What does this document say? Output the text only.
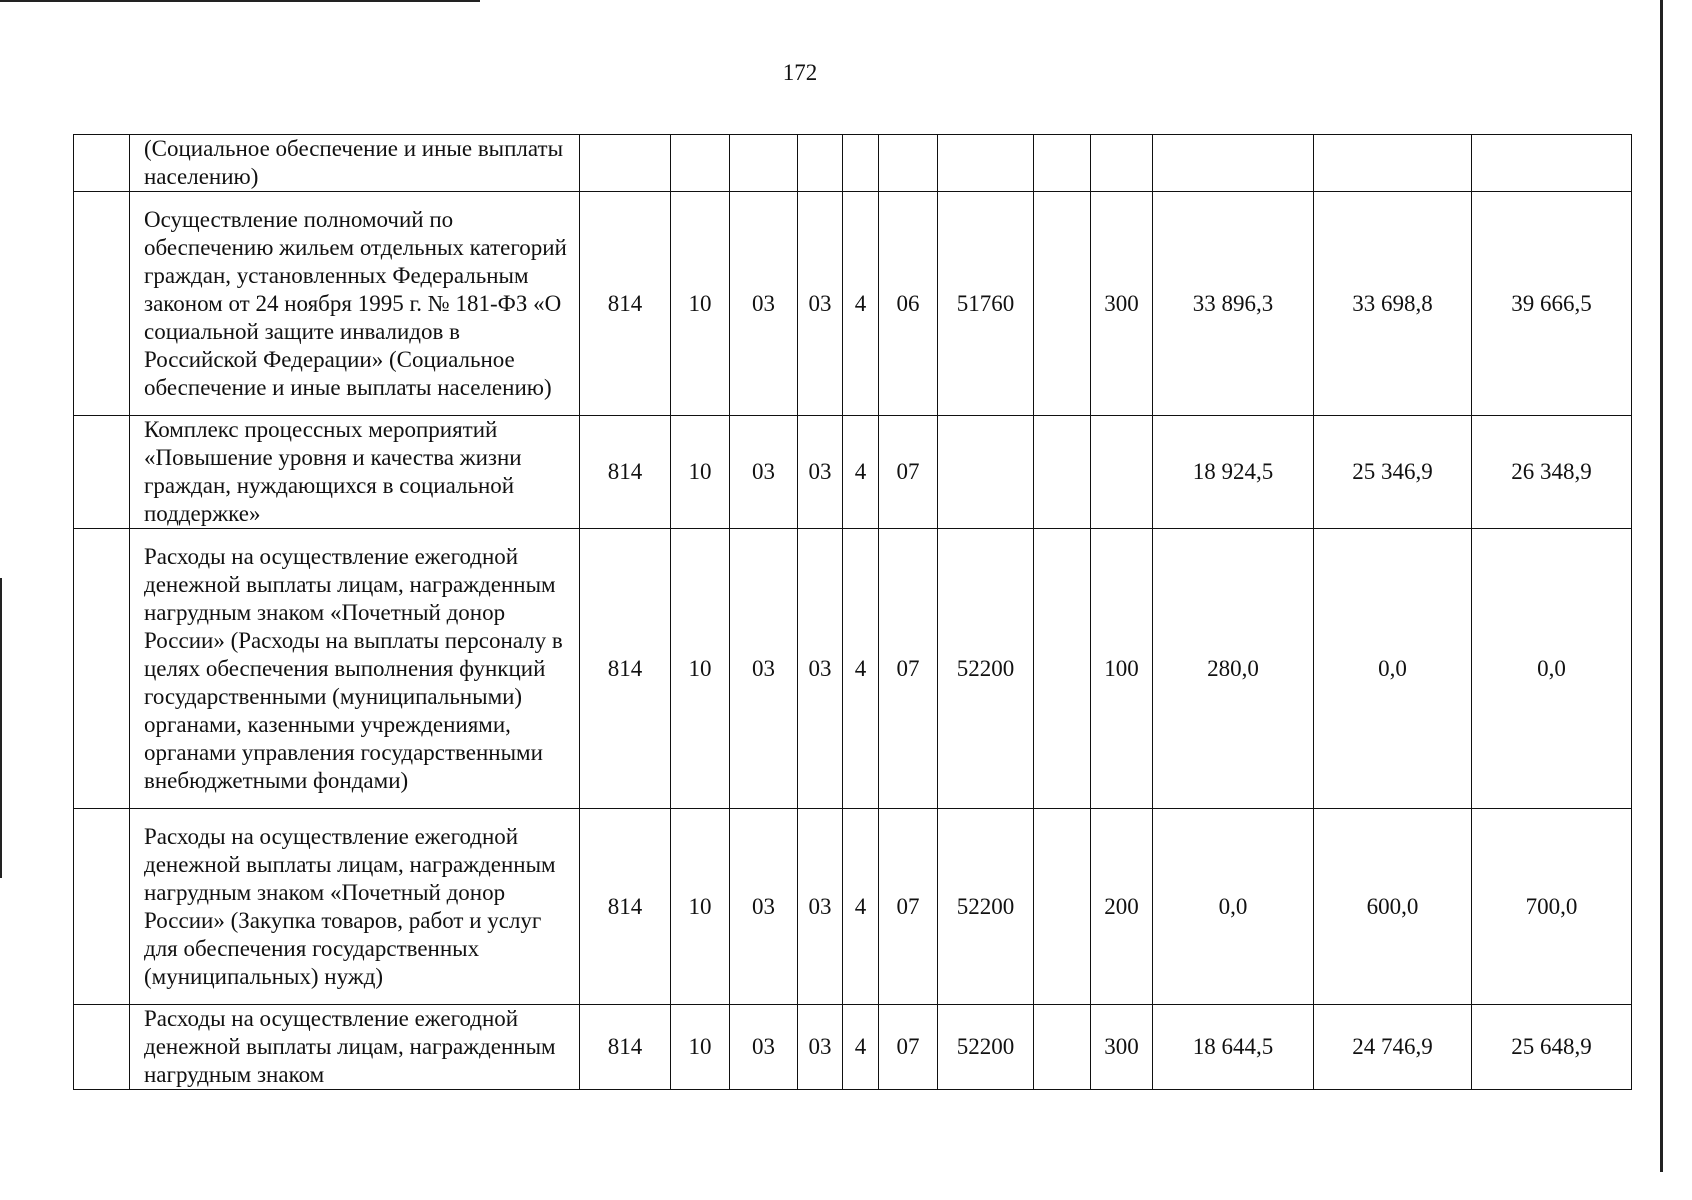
172
	(Социальное обеспечение и иные выплаты населению)												
	Осуществление полномочий по обеспечению жильем отдельных категорий граждан, установленных Федеральным законом от 24 ноября 1995 г. № 181-ФЗ «О социальной защите инвалидов в Российской Федерации» (Социальное обеспечение и иные выплаты населению)	814	10	03	03	4	06	51760		300	33 896,3	33 698,8	39 666,5
	Комплекс процессных мероприятий «Повышение уровня и качества жизни граждан, нуждающихся в социальной поддержке»	814	10	03	03	4	07				18 924,5	25 346,9	26 348,9
	Расходы на осуществление ежегодной денежной выплаты лицам, награжденным нагрудным знаком «Почетный донор России» (Расходы на выплаты персоналу в целях обеспечения выполнения функций государственными (муниципальными) органами, казенными учреждениями, органами управления государственными внебюджетными фондами)	814	10	03	03	4	07	52200		100	280,0	0,0	0,0
	Расходы на осуществление ежегодной денежной выплаты лицам, награжденным нагрудным знаком «Почетный донор России» (Закупка товаров, работ и услуг для обеспечения государственных (муниципальных) нужд)	814	10	03	03	4	07	52200		200	0,0	600,0	700,0
	Расходы на осуществление ежегодной денежной выплаты лицам, награжденным нагрудным знаком	814	10	03	03	4	07	52200		300	18 644,5	24 746,9	25 648,9
